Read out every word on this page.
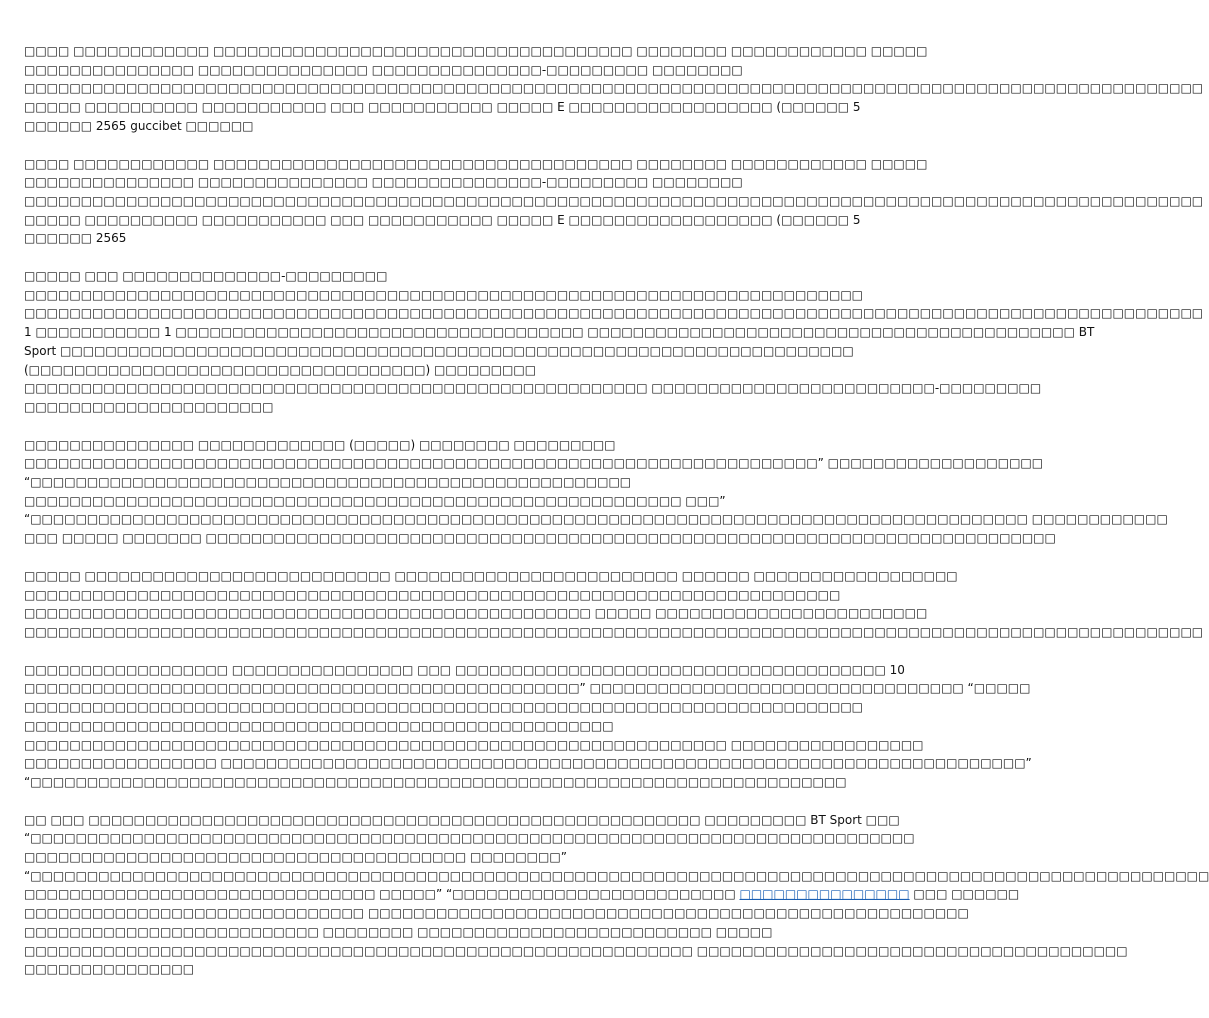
□□□□ □□□□□□□□□□□□ □□□□□□□□□□□□□□□□□□□□□□□□□□□□□□□□□□□□□ □□□□□□□□ □□□□□□□□□□□□ □□□□□
□□□□□□□□□□□□□□□ □□□□□□□□□□□□□□□ □□□□□□□□□□□□□□□-□□□□□□□□□ □□□□□□□□
□□□□□□□□□□□□□□□□□□□□□□□□□□□□□□□□□□□□□□□□□□□□□□□□□□□□□□□□□□□□□□□□□□□□□□□□□□□□□□□□□□□□□□□□□□□□□□□□□□□□□□□□
□□□□□ □□□□□□□□□□ □□□□□□□□□□□ □□□ □□□□□□□□□□□ □□□□□ E □□□□□□□□□□□□□□□□□□ (□□□□□□ 5
□□□□□□ 2565 guccibet □□□□□□

□□□□ □□□□□□□□□□□□ □□□□□□□□□□□□□□□□□□□□□□□□□□□□□□□□□□□□□ □□□□□□□□ □□□□□□□□□□□□ □□□□□
□□□□□□□□□□□□□□□ □□□□□□□□□□□□□□□ □□□□□□□□□□□□□□□-□□□□□□□□□ □□□□□□□□
□□□□□□□□□□□□□□□□□□□□□□□□□□□□□□□□□□□□□□□□□□□□□□□□□□□□□□□□□□□□□□□□□□□□□□□□□□□□□□□□□□□□□□□□□□□□□□□□□□□□□□□□
□□□□□ □□□□□□□□□□ □□□□□□□□□□□ □□□ □□□□□□□□□□□ □□□□□ E □□□□□□□□□□□□□□□□□□ (□□□□□□ 5
□□□□□□ 2565

□□□□□ □□□ □□□□□□□□□□□□□□-□□□□□□□□□
□□□□□□□□□□□□□□□□□□□□□□□□□□□□□□□□□□□□□□□□□□□□□□□□□□□□□□□□□□□□□□□□□□□□□□□□□□
□□□□□□□□□□□□□□□□□□□□□□□□□□□□□□□□□□□□□□□□□□□□□□□□□□□□□□□□□□□□□□□□□□□□□□□□□□□□□□□□□□□□□□□□□□□□□□□□□□□□□□□□
1 □□□□□□□□□□□ 1 □□□□□□□□□□□□□□□□□□□□□□□□□□□□□□□□□□□□ □□□□□□□□□□□□□□□□□□□□□□□□□□□□□□□□□□□□□□□□□□□ BT
Sport □□□□□□□□□□□□□□□□□□□□□□□□□□□□□□□□□□□□□□□□□□□□□□□□□□□□□□□□□□□□□□□□□□□□□□
(□□□□□□□□□□□□□□□□□□□□□□□□□□□□□□□□□□□) □□□□□□□□□
□□□□□□□□□□□□□□□□□□□□□□□□□□□□□□□□□□□□□□□□□□□□□□□□□□□□□□□ □□□□□□□□□□□□□□□□□□□□□□□□□-□□□□□□□□□
□□□□□□□□□□□□□□□□□□□□□□

□□□□□□□□□□□□□□□ □□□□□□□□□□□□□ (□□□□□) □□□□□□□□ □□□□□□□□□
□□□□□□□□□□□□□□□□□□□□□□□□□□□□□□□□□□□□□□□□□□□□□□□□□□□□□□□□□□□□□□□□□□□□□□” □□□□□□□□□□□□□□□□□□□
“□□□□□□□□□□□□□□□□□□□□□□□□□□□□□□□□□□□□□□□□□□□□□□□□□□□□□
□□□□□□□□□□□□□□□□□□□□□□□□□□□□□□□□□□□□□□□□□□□□□□□□□□□□□□□□□□ □□□”
“□□□□□□□□□□□□□□□□□□□□□□□□□□□□□□□□□□□□□□□□□□□□□□□□□□□□□□□□□□□□□□□□□□□□□□□□□□□□□□□□□□□□□□□□ □□□□□□□□□□□□
□□□ □□□□□ □□□□□□□ □□□□□□□□□□□□□□□□□□□□□□□□□□□□□□□□□□□□□□□□□□□□□□□□□□□□□□□□□□□□□□□□□□□□□□□□□□□

□□□□□ □□□□□□□□□□□□□□□□□□□□□□□□□□□ □□□□□□□□□□□□□□□□□□□□□□□□□ □□□□□□ □□□□□□□□□□□□□□□□□□
□□□□□□□□□□□□□□□□□□□□□□□□□□□□□□□□□□□□□□□□□□□□□□□□□□□□□□□□□□□□□□□□□□□□□□□□
□□□□□□□□□□□□□□□□□□□□□□□□□□□□□□□□□□□□□□□□□□□□□□□□□□ □□□□□ □□□□□□□□□□□□□□□□□□□□□□□□
□□□□□□□□□□□□□□□□□□□□□□□□□□□□□□□□□□□□□□□□□□□□□□□□□□□□□□□□□□□□□□□□□□□□□□□□□□□□□□□□□□□□□□□□□□□□□□□□□□□□□□□□

□□□□□□□□□□□□□□□□□□ □□□□□□□□□□□□□□□□ □□□ □□□□□□□□□□□□□□□□□□□□□□□□□□□□□□□□□□□□□□ 10
□□□□□□□□□□□□□□□□□□□□□□□□□□□□□□□□□□□□□□□□□□□□□□□□□” □□□□□□□□□□□□□□□□□□□□□□□□□□□□□□□□□ “□□□□□
□□□□□□□□□□□□□□□□□□□□□□□□□□□□□□□□□□□□□□□□□□□□□□□□□□□□□□□□□□□□□□□□□□□□□□□□□□
□□□□□□□□□□□□□□□□□□□□□□□□□□□□□□□□□□□□□□□□□□□□□□□□□□□□
□□□□□□□□□□□□□□□□□□□□□□□□□□□□□□□□□□□□□□□□□□□□□□□□□□□□□□□□□□□□□□ □□□□□□□□□□□□□□□□□
□□□□□□□□□□□□□□□□□ □□□□□□□□□□□□□□□□□□□□□□□□□□□□□□□□□□□□□□□□□□□□□□□□□□□□□□□□□□□□□□□□□□□□□□□”
“□□□□□□□□□□□□□□□□□□□□□□□□□□□□□□□□□□□□□□□□□□□□□□□□□□□□□□□□□□□□□□□□□□□□□□□□

□□ □□□ □□□□□□□□□□□□□□□□□□□□□□□□□□□□□□□□□□□□□□□□□□□□□□□□□□□□□□ □□□□□□□□□ BT Sport □□□
“□□□□□□□□□□□□□□□□□□□□□□□□□□□□□□□□□□□□□□□□□□□□□□□□□□□□□□□□□□□□□□□□□□□□□□□□□□□□□□
□□□□□□□□□□□□□□□□□□□□□□□□□□□□□□□□□□□□□□□ □□□□□□□□”
“□□□□□□□□□□□□□□□□□□□□□□□□□□□□□□□□□□□□□□□□□□□□□□□□□□□□□□□□□□□□□□□□□□□□□□□□□□□□□□□□□□□□□□□□□□□□□□□□□□□□□□□□
□□□□□□□□□□□□□□□□□□□□□□□□□□□□□□□ □□□□□” “□□□□□□□□□□□□□□□□□□□□□□□□□ □□□□□□□□□□□□□□□ □□□ □□□□□□
□□□□□□□□□□□□□□□□□□□□□□□□□□□□□□ □□□□□□□□□□□□□□□□□□□□□□□□□□□□□□□□□□□□□□□□□□□□□□□□□□□□□
□□□□□□□□□□□□□□□□□□□□□□□□□□ □□□□□□□□ □□□□□□□□□□□□□□□□□□□□□□□□□□ □□□□□
□□□□□□□□□□□□□□□□□□□□□□□□□□□□□□□□□□□□□□□□□□□□□□□□□□□□□□□□□□□ □□□□□□□□□□□□□□□□□□□□□□□□□□□□□□□□□□□□□□
□□□□□□□□□□□□□□□
